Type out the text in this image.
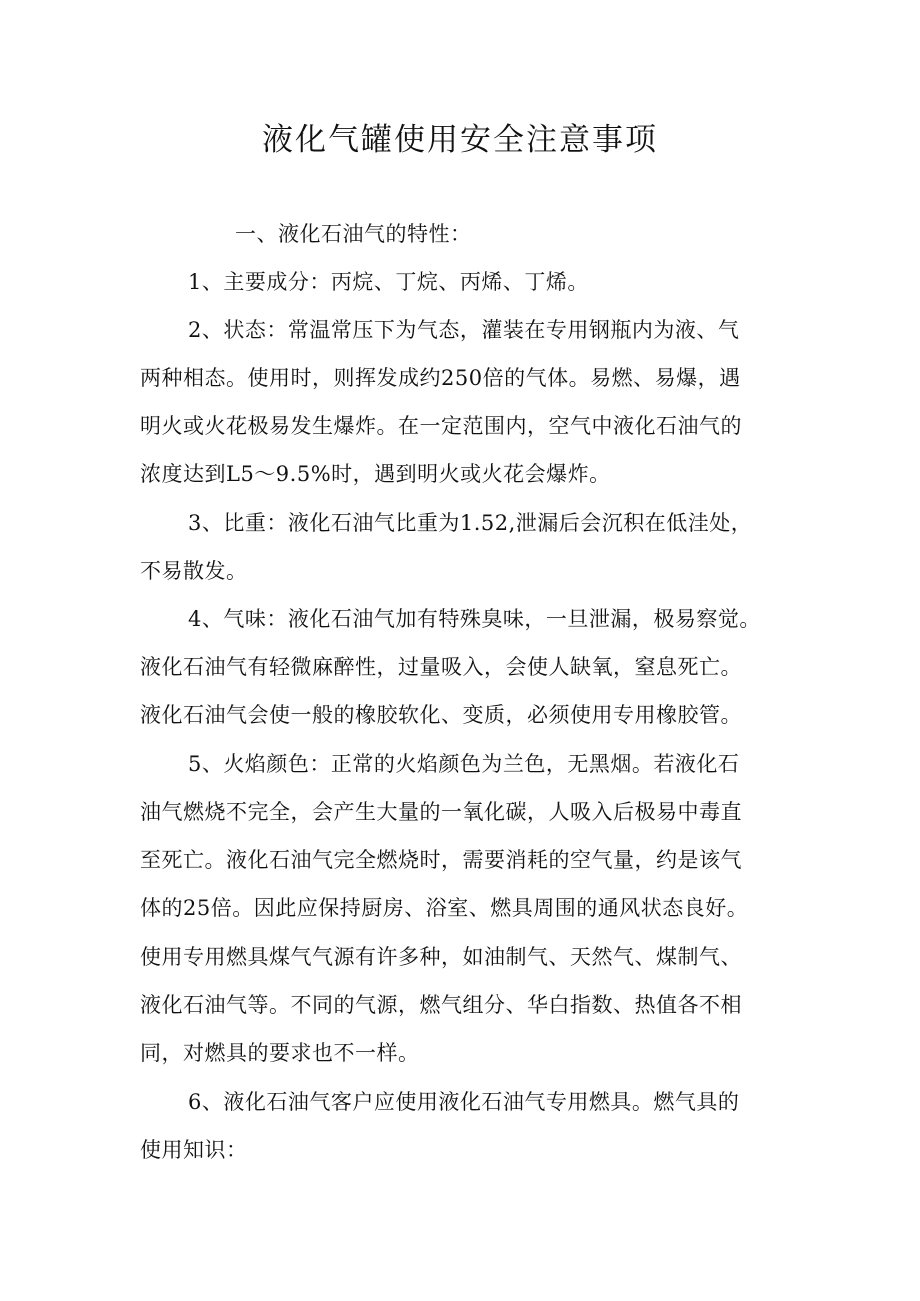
液化气罐使用安全注意事项

一、液化石油气的特性：

1、主要成分：丙烷、丁烷、丙烯、丁烯。

2、状态：常温常压下为气态，灌装在专用钢瓶内为液、气

两种相态。使用时，则挥发成约250倍的气体。易燃、易爆，遇

明火或火花极易发生爆炸。在一定范围内，空气中液化石油气的

浓度达到L5～9.5%时，遇到明火或火花会爆炸。

3、比重：液化石油气比重为1.52,泄漏后会沉积在低洼处，

不易散发。

4、气味：液化石油气加有特殊臭味，一旦泄漏，极易察觉。

液化石油气有轻微麻醉性，过量吸入，会使人缺氧，窒息死亡。

液化石油气会使一般的橡胶软化、变质，必须使用专用橡胶管。

5、火焰颜色：正常的火焰颜色为兰色，无黑烟。若液化石

油气燃烧不完全，会产生大量的一氧化碳，人吸入后极易中毒直

至死亡。液化石油气完全燃烧时，需要消耗的空气量，约是该气

体的25倍。因此应保持厨房、浴室、燃具周围的通风状态良好。

使用专用燃具煤气气源有许多种，如油制气、天然气、煤制气、

液化石油气等。不同的气源，燃气组分、华白指数、热值各不相

同，对燃具的要求也不一样。

6、液化石油气客户应使用液化石油气专用燃具。燃气具的

使用知识：
